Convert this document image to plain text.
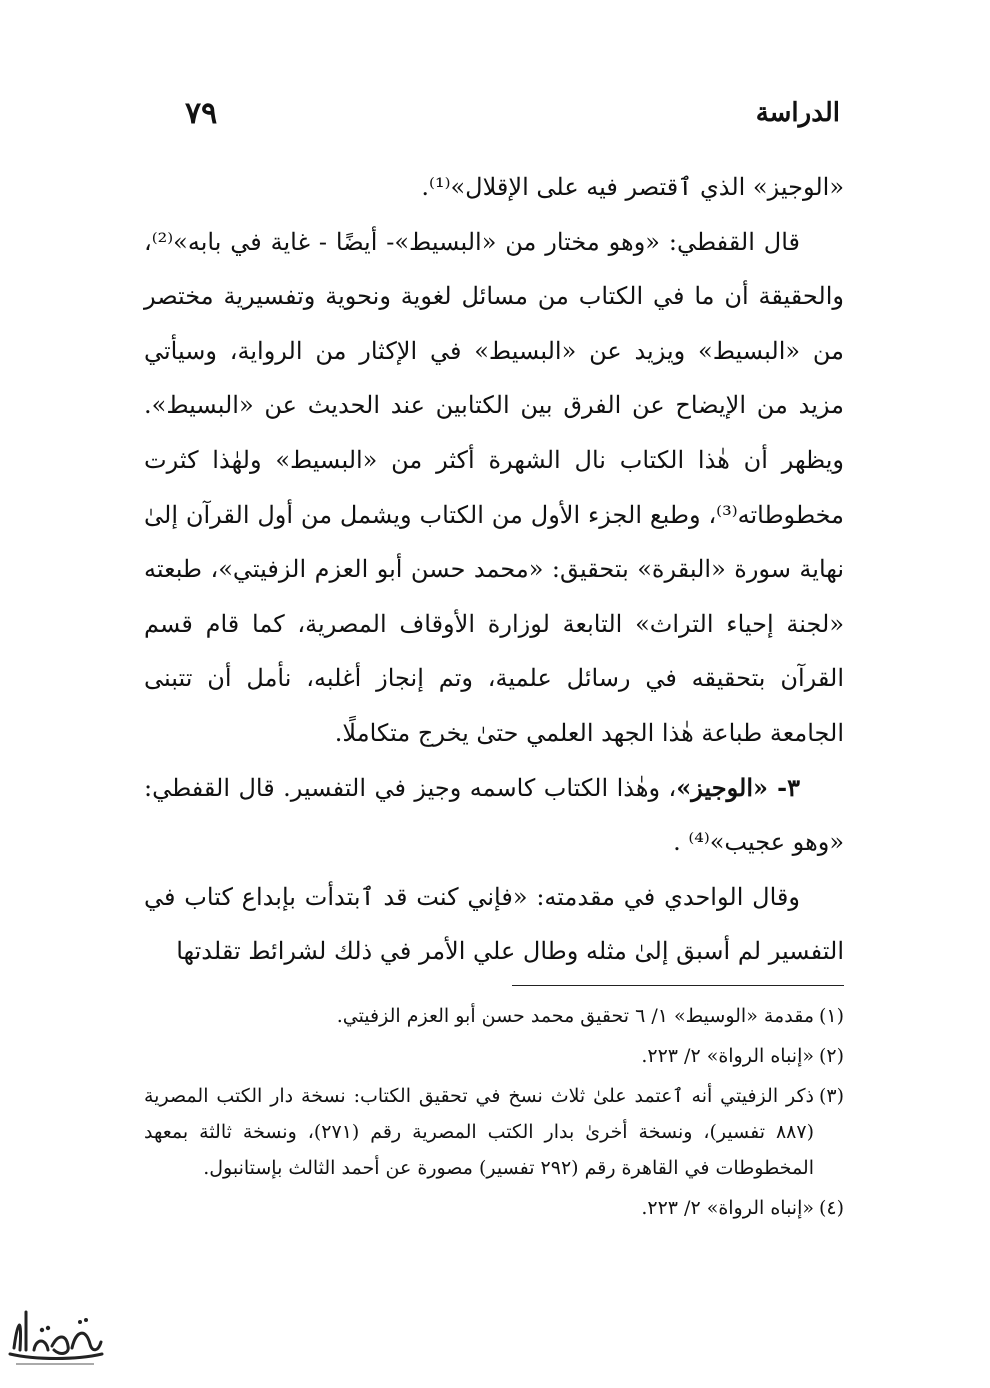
٧٩	الدراسة

«الوجيز» الذي ٱقتصر فيه على الإقلال»⁽¹⁾.

قال القفطي: «وهو مختار من «البسيط»- أيضًا - غاية في بابه»⁽²⁾، والحقيقة أن ما في الكتاب من مسائل لغوية ونحوية وتفسيرية مختصر من «البسيط» ويزيد عن «البسيط» في الإكثار من الرواية، وسيأتي مزيد من الإيضاح عن الفرق بين الكتابين عند الحديث عن «البسيط». ويظهر أن هٰذا الكتاب نال الشهرة أكثر من «البسيط» ولهٰذا كثرت مخطوطاته⁽³⁾، وطبع الجزء الأول من الكتاب ويشمل من أول القرآن إلىٰ نهاية سورة «البقرة» بتحقيق: «محمد حسن أبو العزم الزفيتي»، طبعته «لجنة إحياء التراث» التابعة لوزارة الأوقاف المصرية، كما قام قسم القرآن بتحقيقه في رسائل علمية، وتم إنجاز أغلبه، نأمل أن تتبنى الجامعة طباعة هٰذا الجهد العلمي حتىٰ يخرج متكاملًا.

٣- «الوجيز»، وهٰذا الكتاب كاسمه وجيز في التفسير. قال القفطي: «وهو عجيب»⁽⁴⁾ .

وقال الواحدي في مقدمته: «فإني كنت قد ٱبتدأت بإبداع كتاب في التفسير لم أسبق إلىٰ مثله وطال علي الأمر في ذلك لشرائط تقلدتها

(١)مقدمة «الوسيط» ١/ ٦ تحقيق محمد حسن أبو العزم الزفيتي.

(٢)«إنباه الرواة» ٢/ ٢٢٣.

(٣)ذكر الزفيتي أنه ٱعتمد علىٰ ثلاث نسخ في تحقيق الكتاب: نسخة دار الكتب المصرية (٨٨٧ تفسير)، ونسخة أخرىٰ بدار الكتب المصرية رقم (٢٧١)، ونسخة ثالثة بمعهد المخطوطات في القاهرة رقم (٢٩٢ تفسير) مصورة عن أحمد الثالث بإستانبول.

(٤)«إنباه الرواة» ٢/ ٢٢٣.
